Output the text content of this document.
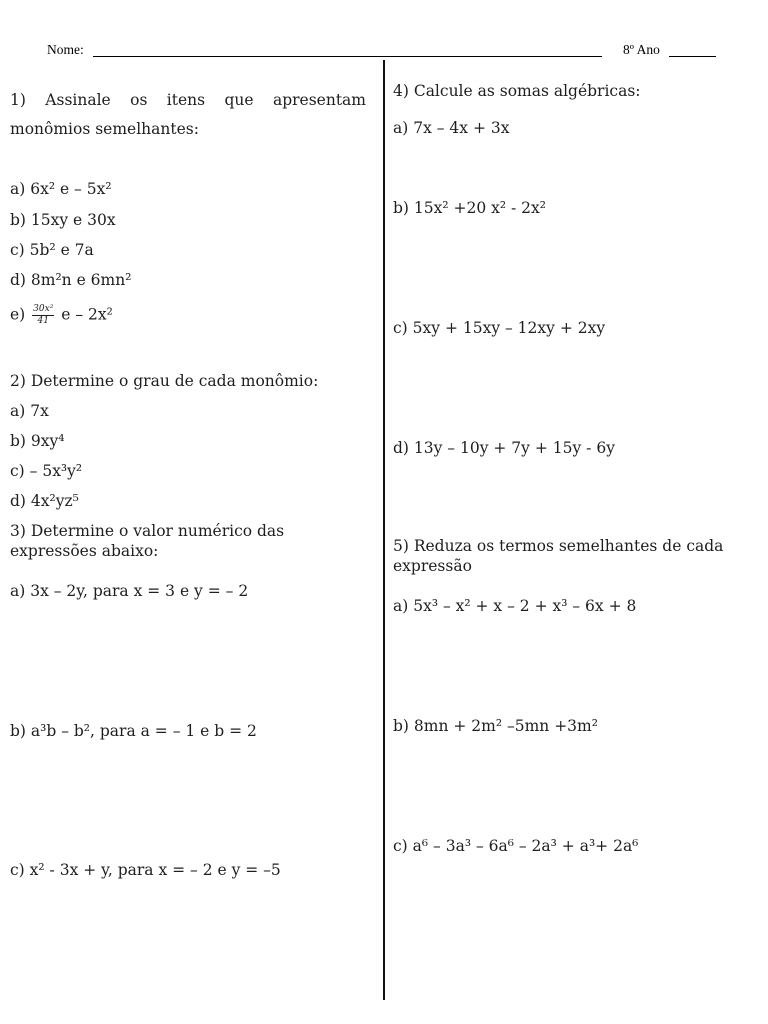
Nome:	8º Ano
1) Assinale os itens que apresentam monômios semelhantes:
a) 6x² e – 5x²
b) 15xy e 30x
c) 5b² e 7a
d) 8m²n e 6mn²
$e) \frac{\text{30x²}}{41}$ e – 2x²
2) Determine o grau de cada monômio:
a) 7x
b) 9xy⁴
c) – 5x³y²
d) 4x²yz⁵
3) Determine o valor numérico das expressões abaixo:
a) 3x – 2y, para x = 3 e y = – 2
b) a³b – b², para a = – 1 e b = 2
c) x² - 3x + y, para x = – 2 e y = –5
4) Calcule as somas algébricas:
a) 7x – 4x + 3x
b) 15x² +20 x² - 2x²
c) 5xy + 15xy – 12xy + 2xy
d) 13y – 10y + 7y + 15y - 6y
5) Reduza os termos semelhantes de cada expressão
a) 5x³ – x² + x – 2 + x³ – 6x + 8
b) 8mn + 2m² –5mn +3m²
c) a⁶ – 3a³ – 6a⁶ – 2a³ + a³+ 2a⁶
